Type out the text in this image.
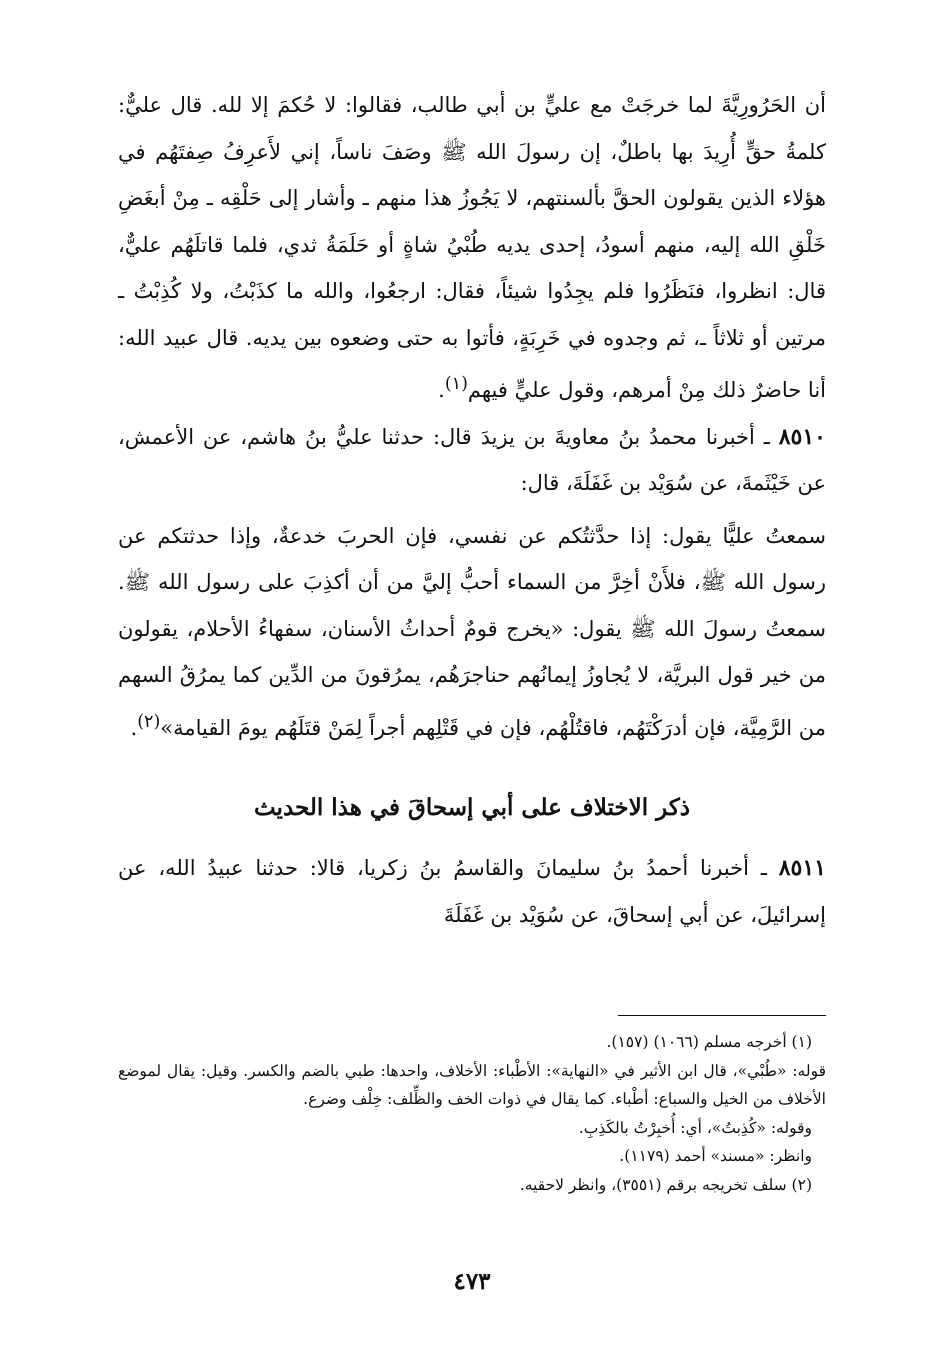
أن الحَرُورِيَّةَ لما خرجَتْ مع عليٍّ بن أبي طالب، فقالوا: لا حُكمَ إلا لله. قال عليٌّ: كلمةُ حقٍّ أُرِيدَ بها باطلٌ، إن رسولَ الله ﷺ وصَفَ ناساً، إني لأَعرِفُ صِفتَهُم في هؤلاء الذين يقولون الحقَّ بألسنتهم، لا يَجُوزُ هذا منهم ـ وأشار إلى حَلْقِه ـ مِنْ أبغَضِ خَلْقِ الله إليه، منهم أسودُ، إحدى يديه طُبْيُ شاةٍ أو حَلَمَةُ ثدي، فلما قاتلَهُم عليٌّ، قال: انظروا، فنَظَرُوا فلم يجِدُوا شيئاً، فقال: ارجعُوا، والله ما كذَبْتُ، ولا كُذِبْتُ ـ مرتين أو ثلاثاً ـ، ثم وجدوه في خَرِبَةٍ، فأتوا به حتى وضعوه بين يديه. قال عبيد الله: أنا حاضرٌ ذلك مِنْ أمرهم، وقول عليٍّ فيهم$^{(١)}$.

٨٥١٠ ـ أخبرنا محمدُ بنُ معاويةَ بن يزيدَ قال: حدثنا عليُّ بنُ هاشم، عن الأعمش، عن خَيْثَمةَ، عن سُوَيْد بن غَفَلَةَ، قال:

سمعتُ عليًّا يقول: إذا حدَّثتُكم عن نفسي، فإن الحربَ خدعةٌ، وإذا حدثتكم عن رسول الله ﷺ، فلأَنْ أخِرَّ من السماء أحبُّ إليَّ من أن أكذِبَ على رسول الله ﷺ. سمعتُ رسولَ الله ﷺ يقول: «يخرج قومٌ أحداثُ الأسنان، سفهاءُ الأحلام، يقولون من خير قول البريَّة، لا يُجاوزُ إيمانُهم حناجرَهُم، يمرُقونَ من الدِّين كما يمرُقُ السهم من الرَّمِيَّة، فإن أدرَكْتَهُم، فاقتُلْهُم، فإن في قَتْلِهم أجراً لِمَنْ قتَلَهُم يومَ القيامة»$^{(٢)}$.

ذكر الاختلاف على أبي إسحاقَ في هذا الحديث

٨٥١١ ـ أخبرنا أحمدُ بنُ سليمانَ والقاسمُ بنُ زكريا، قالا: حدثنا عبيدُ الله، عن إسرائيلَ، عن أبي إسحاقَ، عن سُوَيْد بن غَفَلَةَ

(١) أخرجه مسلم (١٠٦٦) (١٥٧).

قوله: «طُبْي»، قال ابن الأثير في «النهاية»: الأطْباء: الأخلاف، واحدها: طبي بالضم والكسر. وقيل: يقال لموضع الأخلاف من الخيل والسباع: أطْباء. كما يقال في ذوات الخف والظِّلف: خِلْف وضرع.

وقوله: «كُذِبتُ»، أي: أُخبِرْتُ بالكَذِبِ.

وانظر: «مسند» أحمد (١١٧٩).

(٢) سلف تخريجه برقم (٣٥٥١)، وانظر لاحقيه.

٤٧٣
